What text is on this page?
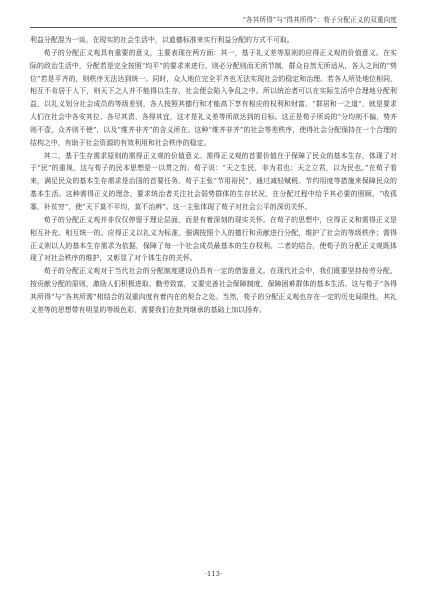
“各其所得”与“得其所得”：荀子分配正义的双重向度

利益分配混为一谈。在现实的社会生活中，以道德标准来实行利益分配的方式不可取。

荀子的分配正义观具有重要的意义，主要表现在两方面：其一，基于礼义差等原则的应得正义观的价值意义。在实际的政治生活中，分配若是完全按照“均平”的要求来进行，则必分配则而无所节制，群众自然无所适从，各人之间的“势位”若是平齐的，则秩序无法达到统一。同时，众人地位完全平齐也无法实现社会的稳定和治理。若各人所处地位相同，相互不肯居于人下，则天下之人并不能得以生存，社会便会陷入争乱之中。所以统治者可以在实际生活中合理地分配利益，以礼义划分社会成员的等级差别，各人按照其德行和才能高下享有相应的权利和财富。“群居和一之道”，就是要求人们在社会中各安其位、各尽其责、各得其宜，这才是礼义差等所欲达到的目标。这正是荀子所说的“分均则不偏，势齐则不壹，众齐则不使”，以及“维齐非齐”的含义所在。这种“维齐非齐”的社会等差秩序，使得社会分配保持在一个合理的结构之中，有助于社会资源的有效利用和社会秩序的稳定。

其二，基于生存需求原则的需得正义观的价值意义。需得正义观的首要价值在于保障了民众的基本生存，体现了对于“民”的重视，这与荀子的民本思想是一以贯之的。荀子说：“天之生民，非为君也；天之立君，以为民也。”在荀子看来，满足民众的基本生存需求是治国的首要任务。荀子主张“节用裕民”，通过减轻赋税、节约用度等措施来保障民众的基本生活。这种需得正义的理念，要求统治者关注社会弱势群体的生存状况，在分配过程中给予其必要的照顾，“收孤寡，补贫穷”，使“天下莫不平均，莫不治辨”。这一主张体现了荀子对社会公平的深切关怀。

荀子的分配正义观并非仅仅停留于理论层面，而是有着深刻的现实关怀。在荀子的思想中，应得正义和需得正义是相互补充、相互统一的。应得正义以礼义为标准，强调按照个人的德行和贡献进行分配，维护了社会的等级秩序；需得正义则以人的基本生存需求为依据，保障了每一个社会成员最基本的生存权利。二者的结合，使荀子的分配正义观既体现了对社会秩序的维护，又彰显了对个体生存的关怀。

荀子的分配正义观对于当代社会的分配制度建设仍具有一定的借鉴意义。在现代社会中，我们既要坚持按劳分配、按贡献分配的原则，激励人们积极进取、勤劳致富，又要完善社会保障制度，保障困难群体的基本生活。这与荀子“各得其所得”与“各其所需”相结合的双重向度有着内在的契合之处。当然，荀子的分配正义观也存在一定的历史局限性，其礼义差等的思想带有明显的等级色彩，需要我们在批判继承的基础上加以扬弃。

·113·
